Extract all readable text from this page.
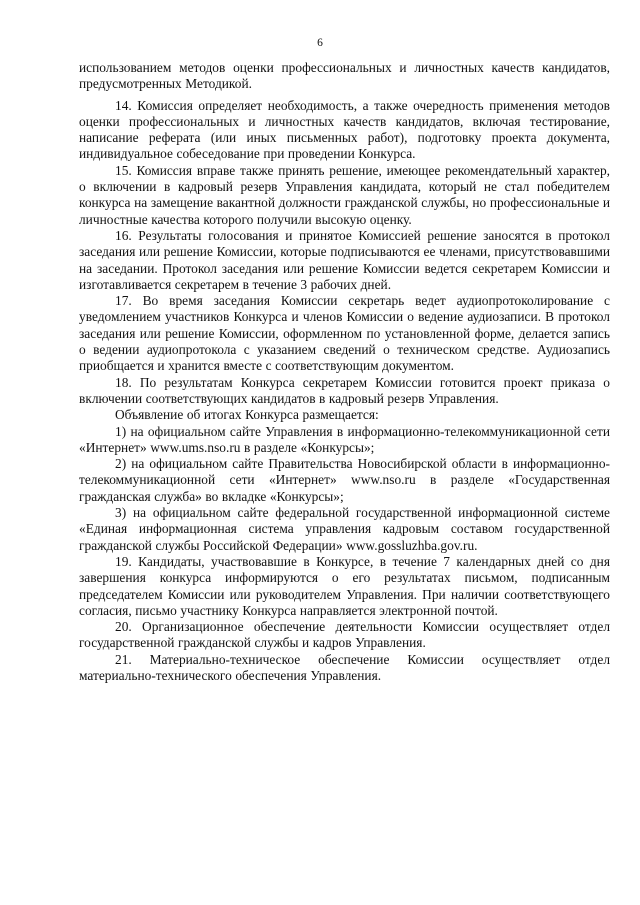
6

использованием методов оценки профессиональных и личностных качеств кандидатов, предусмотренных Методикой.

14. Комиссия определяет необходимость, а также очередность применения методов оценки профессиональных и личностных качеств кандидатов, включая тестирование, написание реферата (или иных письменных работ), подготовку проекта документа, индивидуальное собеседование при проведении Конкурса.

15. Комиссия вправе также принять решение, имеющее рекомендательный характер, о включении в кадровый резерв Управления кандидата, который не стал победителем конкурса на замещение вакантной должности гражданской службы, но профессиональные и личностные качества которого получили высокую оценку.

16. Результаты голосования и принятое Комиссией решение заносятся в протокол заседания или решение Комиссии, которые подписываются ее членами, присутствовавшими на заседании. Протокол заседания или решение Комиссии ведется секретарем Комиссии и изготавливается секретарем в течение 3 рабочих дней.

17. Во время заседания Комиссии секретарь ведет аудиопротоколирование с уведомлением участников Конкурса и членов Комиссии о ведение аудиозаписи. В протокол заседания или решение Комиссии, оформленном по установленной форме, делается запись о ведении аудиопротокола с указанием сведений о техническом средстве. Аудиозапись приобщается и хранится вместе с соответствующим документом.

18. По результатам Конкурса секретарем Комиссии готовится проект приказа о включении соответствующих кандидатов в кадровый резерв Управления.

Объявление об итогах Конкурса размещается:

1) на официальном сайте Управления в информационно-телекоммуникационной сети «Интернет» www.ums.nso.ru в разделе «Конкурсы»;

2) на официальном сайте Правительства Новосибирской области в информационно-телекоммуникационной сети «Интернет» www.nso.ru в разделе «Государственная гражданская служба» во вкладке «Конкурсы»;

3) на официальном сайте федеральной государственной информационной системе «Единая информационная система управления кадровым составом государственной гражданской службы Российской Федерации» www.gossluzhba.gov.ru.

19. Кандидаты, участвовавшие в Конкурсе, в течение 7 календарных дней со дня завершения конкурса информируются о его результатах письмом, подписанным председателем Комиссии или руководителем Управления. При наличии соответствующего согласия, письмо участнику Конкурса направляется электронной почтой.

20. Организационное обеспечение деятельности Комиссии осуществляет отдел государственной гражданской службы и кадров Управления.

21. Материально-техническое обеспечение Комиссии осуществляет отдел материально-технического обеспечения Управления.
